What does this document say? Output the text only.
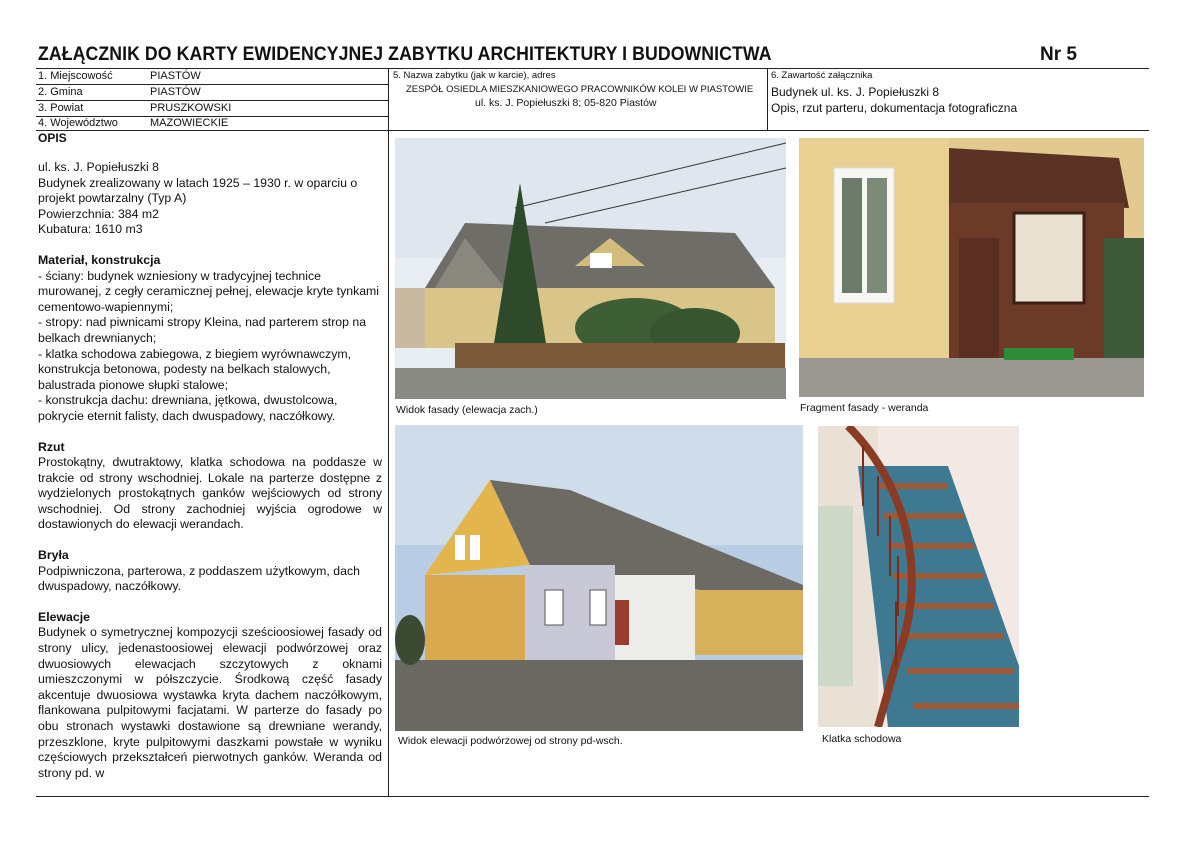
ZAŁĄCZNIK DO KARTY EWIDENCYJNEJ ZABYTKU ARCHITEKTURY I BUDOWNICTWA	Nr 5
1. Miejscowość	PIASTÓW
2. Gmina	PIASTÓW
3. Powiat	PRUSZKOWSKI
4. Województwo	MAZOWIECKIE
5. Nazwa zabytku (jak w karcie), adres
ZESPÓŁ OSIEDLA MIESZKANIOWEGO PRACOWNIKÓW KOLEI W PIASTOWIE
ul. ks. J. Popiełuszki 8; 05-820 Piastów
6. Zawartość załącznika
Budynek ul. ks. J. Popiełuszki 8
Opis, rzut parteru, dokumentacja fotograficzna
OPIS

ul. ks. J. Popiełuszki 8

Budynek zrealizowany w latach 1925 – 1930 r. w oparciu o projekt powtarzalny (Typ A)

Powierzchnia: 384 m2

Kubatura: 1610 m3

Materiał, konstrukcja

- ściany: budynek wzniesiony w tradycyjnej technice murowanej, z cegły ceramicznej pełnej, elewacje kryte tynkami cementowo-wapiennymi;

- stropy: nad piwnicami stropy Kleina, nad parterem strop na belkach drewnianych;

- klatka schodowa zabiegowa, z biegiem wyrównawczym, konstrukcja betonowa, podesty na belkach stalowych, balustrada pionowe słupki stalowe;

- konstrukcja dachu: drewniana, jętkowa, dwustolcowa, pokrycie eternit falisty, dach dwuspadowy, naczółkowy.

Rzut

Prostokątny, dwutraktowy, klatka schodowa na poddasze w trakcie od strony wschodniej. Lokale na parterze dostępne z wydzielonych prostokątnych ganków wejściowych od strony wschodniej. Od strony zachodniej wyjścia ogrodowe w dostawionych do elewacji werandach.

Bryła

Podpiwniczona, parterowa, z poddaszem użytkowym, dach dwuspadowy, naczółkowy.

Elewacje

Budynek o symetrycznej kompozycji sześcioosiowej fasady od strony ulicy, jedenastoosiowej elewacji podwórzowej oraz dwuosiowych elewacjach szczytowych z oknami umieszczonymi w półszczycie. Środkową część fasady akcentuje dwuosiowa wystawka kryta dachem naczółkowym, flankowana pulpitowymi facjatami. W parterze do fasady po obu stronach wystawki dostawione są drewniane werandy, przeszklone, kryte pulpitowymi daszkami powstałe w wyniku częściowych przekształceń pierwotnych ganków. Weranda od strony pd. w

Widok fasady (elewacja zach.)	Fragment fasady - weranda
Widok elewacji podwórzowej od strony pd-wsch.	Klatka schodowa
